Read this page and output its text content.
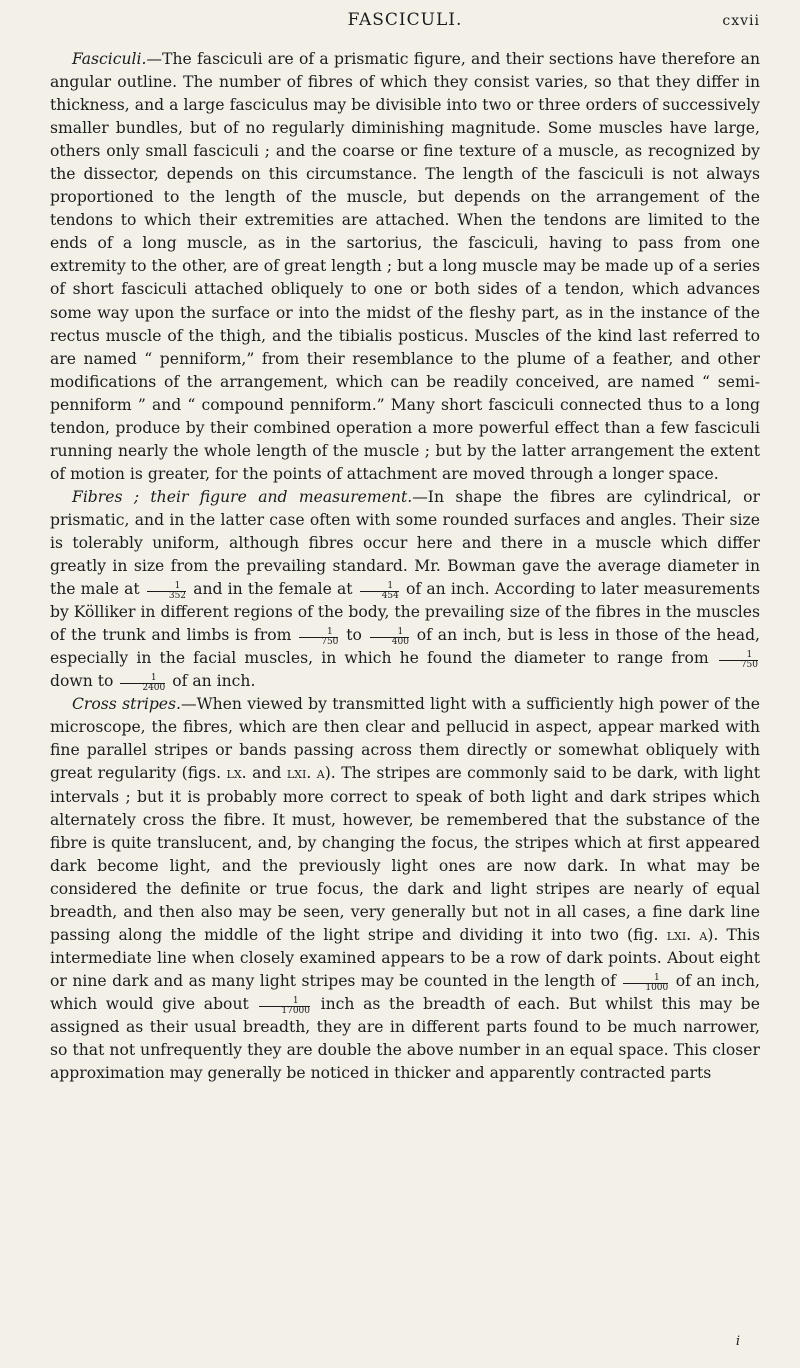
FASCICULI.	cxvii

Fasciculi.—The fasciculi are of a prismatic figure, and their sections have therefore an angular outline. The number of fibres of which they consist varies, so that they differ in thickness, and a large fasciculus may be divisible into two or three orders of successively smaller bundles, but of no regularly diminishing magnitude. Some muscles have large, others only small fasciculi ; and the coarse or fine texture of a muscle, as recognized by the dissector, depends on this circumstance. The length of the fasciculi is not always proportioned to the length of the muscle, but depends on the arrangement of the tendons to which their extremities are attached. When the tendons are limited to the ends of a long muscle, as in the sartorius, the fasciculi, having to pass from one extremity to the other, are of great length ; but a long muscle may be made up of a series of short fasciculi attached obliquely to one or both sides of a tendon, which advances some way upon the surface or into the midst of the fleshy part, as in the instance of the rectus muscle of the thigh, and the tibialis posticus. Muscles of the kind last referred to are named “ penniform,” from their resemblance to the plume of a feather, and other modifications of the arrangement, which can be readily conceived, are named “ semi-penniform ” and “ compound penniform.” Many short fasciculi connected thus to a long tendon, produce by their combined operation a more powerful effect than a few fasciculi running nearly the whole length of the muscle ; but by the latter arrangement the extent of motion is greater, for the points of attachment are moved through a longer space.

Fibres ; their figure and measurement.—In shape the fibres are cylindrical, or prismatic, and in the latter case often with some rounded surfaces and angles. Their size is tolerably uniform, although fibres occur here and there in a muscle which differ greatly in size from the prevailing standard. Mr. Bowman gave the average diameter in the male at $\frac{1}{352}$ and in the female at $\frac{1}{454}$ of an inch. According to later measurements by Kölliker in different regions of the body, the prevailing size of the fibres in the muscles of the trunk and limbs is from $\frac{1}{750}$ to $\frac{1}{400}$ of an inch, but is less in those of the head, especially in the facial muscles, in which he found the diameter to range from $\frac{1}{750}$
down to $\frac{1}{2400}$ of an inch.

Cross stripes.—When viewed by transmitted light with a sufficiently high power of the microscope, the fibres, which are then clear and pellucid in aspect, appear marked with fine parallel stripes or bands passing across them directly or somewhat obliquely with great regularity (figs. lx. and lxi. a). The stripes are commonly said to be dark, with light intervals ; but it is probably more correct to speak of both light and dark stripes which alternately cross the fibre. It must, however, be remembered that the substance of the fibre is quite translucent, and, by changing the focus, the stripes which at first appeared dark become light, and the previously light ones are now dark. In what may be considered the definite or true focus, the dark and light stripes are nearly of equal breadth, and then also may be seen, very generally but not in all cases, a fine dark line passing along the middle of the light stripe and dividing it into two (fig. lxi. a). This intermediate line when closely examined appears to be a row of dark points. About eight or nine dark and as many light stripes may be counted in the length of $\frac{1}{1000}$ of an inch, which would give about $\frac{1}{17000}$ inch as the breadth of each. But whilst this may be assigned as their usual breadth, they are in different parts found to be much narrower, so that not unfrequently they are double the above number in an equal space. This closer approximation may generally be noticed in thicker and apparently contracted parts

i
